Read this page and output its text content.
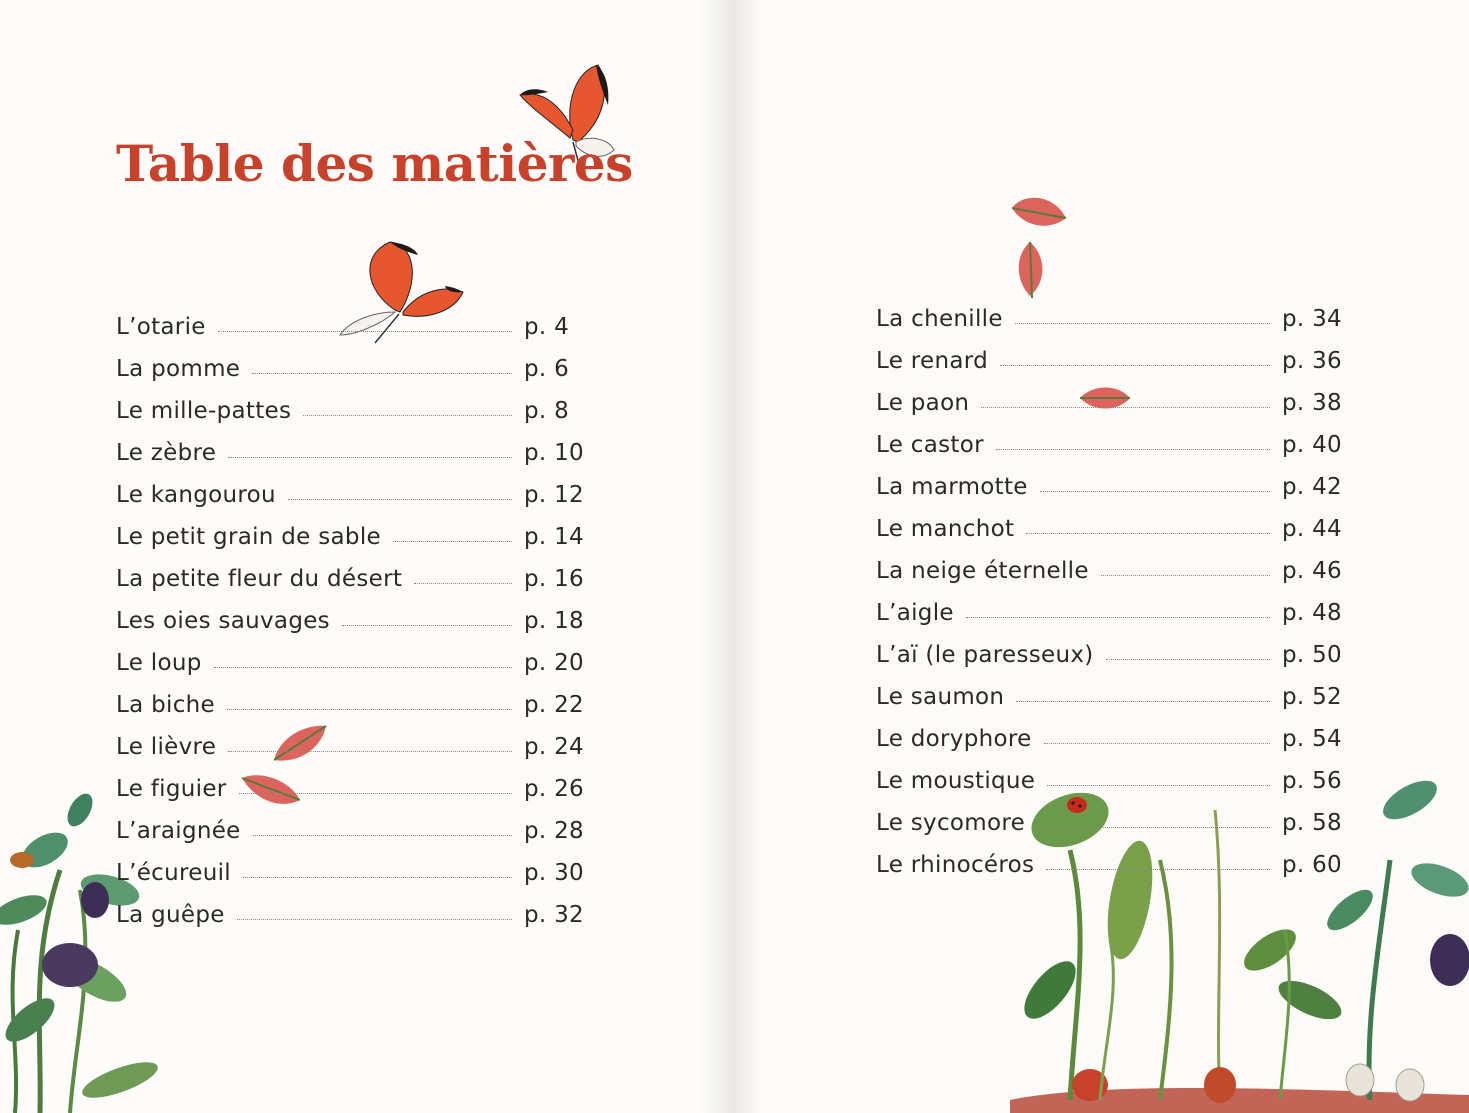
Table des matières
L’otarie	p. 4
La pomme	p. 6
Le mille-pattes	p. 8
Le zèbre	p. 10
Le kangourou	p. 12
Le petit grain de sable	p. 14
La petite fleur du désert	p. 16
Les oies sauvages	p. 18
Le loup	p. 20
La biche	p. 22
Le lièvre	p. 24
Le figuier	p. 26
L’araignée	p. 28
L’écureuil	p. 30
La guêpe	p. 32
La chenille	p. 34
Le renard	p. 36
Le paon	p. 38
Le castor	p. 40
La marmotte	p. 42
Le manchot	p. 44
La neige éternelle	p. 46
L’aigle	p. 48
L’aï (le paresseux)	p. 50
Le saumon	p. 52
Le doryphore	p. 54
Le moustique	p. 56
Le sycomore	p. 58
Le rhinocéros	p. 60
